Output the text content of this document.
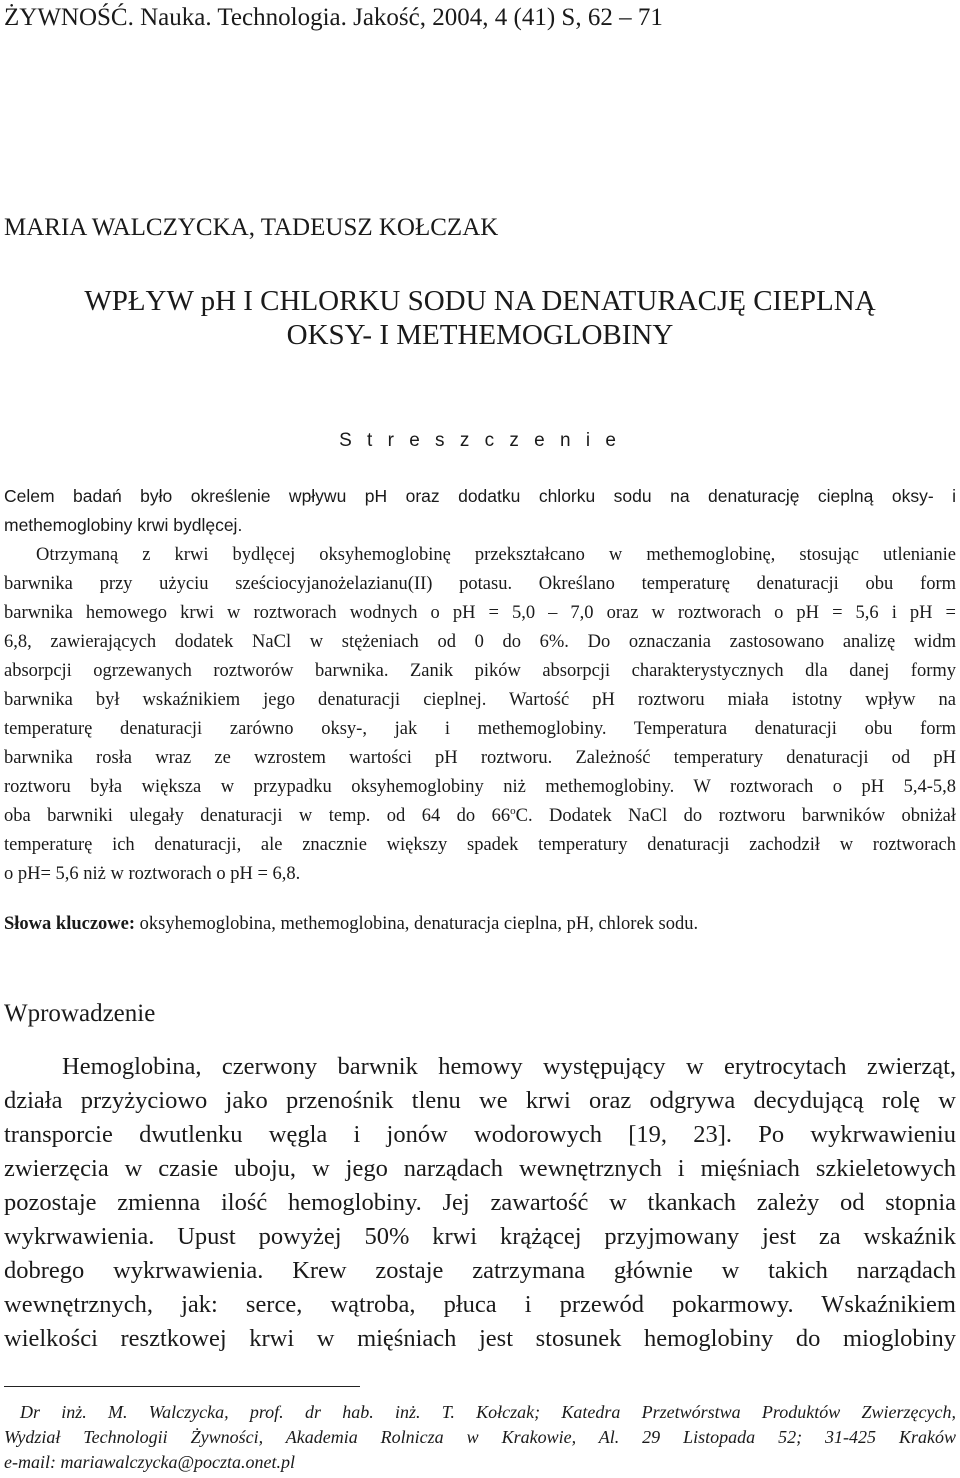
ŻYWNOŚĆ. Nauka. Technologia. Jakość, 2004, 4 (41) S, 62 – 71
MARIA WALCZYCKA, TADEUSZ KOŁCZAK
WPŁYW pH I CHLORKU SODU NA DENATURACJĘ CIEPLNĄ
OKSY- I METHEMOGLOBINY
S t r e s z c z e n i e
Celem badań było określenie wpływu pH oraz dodatku chlorku sodu na denaturację cieplną oksy- i
methemoglobiny krwi bydlęcej.
Otrzymaną z krwi bydlęcej oksyhemoglobinę przekształcano w methemoglobinę, stosując utlenianie
barwnika przy użyciu sześciocyjanożelazianu(II) potasu. Określano temperaturę denaturacji obu form
barwnika hemowego krwi w roztworach wodnych o pH = 5,0 – 7,0 oraz w roztworach o pH = 5,6 i pH =
6,8, zawierających dodatek NaCl w stężeniach od 0 do 6%. Do oznaczania zastosowano analizę widm
absorpcji ogrzewanych roztworów barwnika. Zanik pików absorpcji charakterystycznych dla danej formy
barwnika był wskaźnikiem jego denaturacji cieplnej. Wartość pH roztworu miała istotny wpływ na
temperaturę denaturacji zarówno oksy-, jak i methemoglobiny. Temperatura denaturacji obu form
barwnika rosła wraz ze wzrostem wartości pH roztworu. Zależność temperatury denaturacji od pH
roztworu była większa w przypadku oksyhemoglobiny niż methemoglobiny. W roztworach o pH 5,4-5,8
oba barwniki ulegały denaturacji w temp. od 64 do 66$^o$C. Dodatek NaCl do roztworu barwników obniżał
temperaturę ich denaturacji, ale znacznie większy spadek temperatury denaturacji zachodził w roztworach
o pH= 5,6 niż w roztworach o pH = 6,8.
Słowa kluczowe: oksyhemoglobina, methemoglobina, denaturacja cieplna, pH, chlorek sodu.
Wprowadzenie
Hemoglobina, czerwony barwnik hemowy występujący w erytrocytach zwierząt,
działa przyżyciowo jako przenośnik tlenu we krwi oraz odgrywa decydującą rolę w
transporcie dwutlenku węgla i jonów wodorowych [19, 23]. Po wykrwawieniu
zwierzęcia w czasie uboju, w jego narządach wewnętrznych i mięśniach szkieletowych
pozostaje zmienna ilość hemoglobiny. Jej zawartość w tkankach zależy od stopnia
wykrwawienia. Upust powyżej 50% krwi krążącej przyjmowany jest za wskaźnik
dobrego wykrwawienia. Krew zostaje zatrzymana głównie w takich narządach
wewnętrznych, jak: serce, wątroba, płuca i przewód pokarmowy. Wskaźnikiem
wielkości resztkowej krwi w mięśniach jest stosunek hemoglobiny do mioglobiny
Dr inż. M. Walczycka, prof. dr hab. inż. T. Kołczak; Katedra Przetwórstwa Produktów Zwierzęcych,
Wydział Technologii Żywności, Akademia Rolnicza w Krakowie, Al. 29 Listopada 52; 31-425 Kraków
e-mail: mariawalczycka@poczta.onet.pl
